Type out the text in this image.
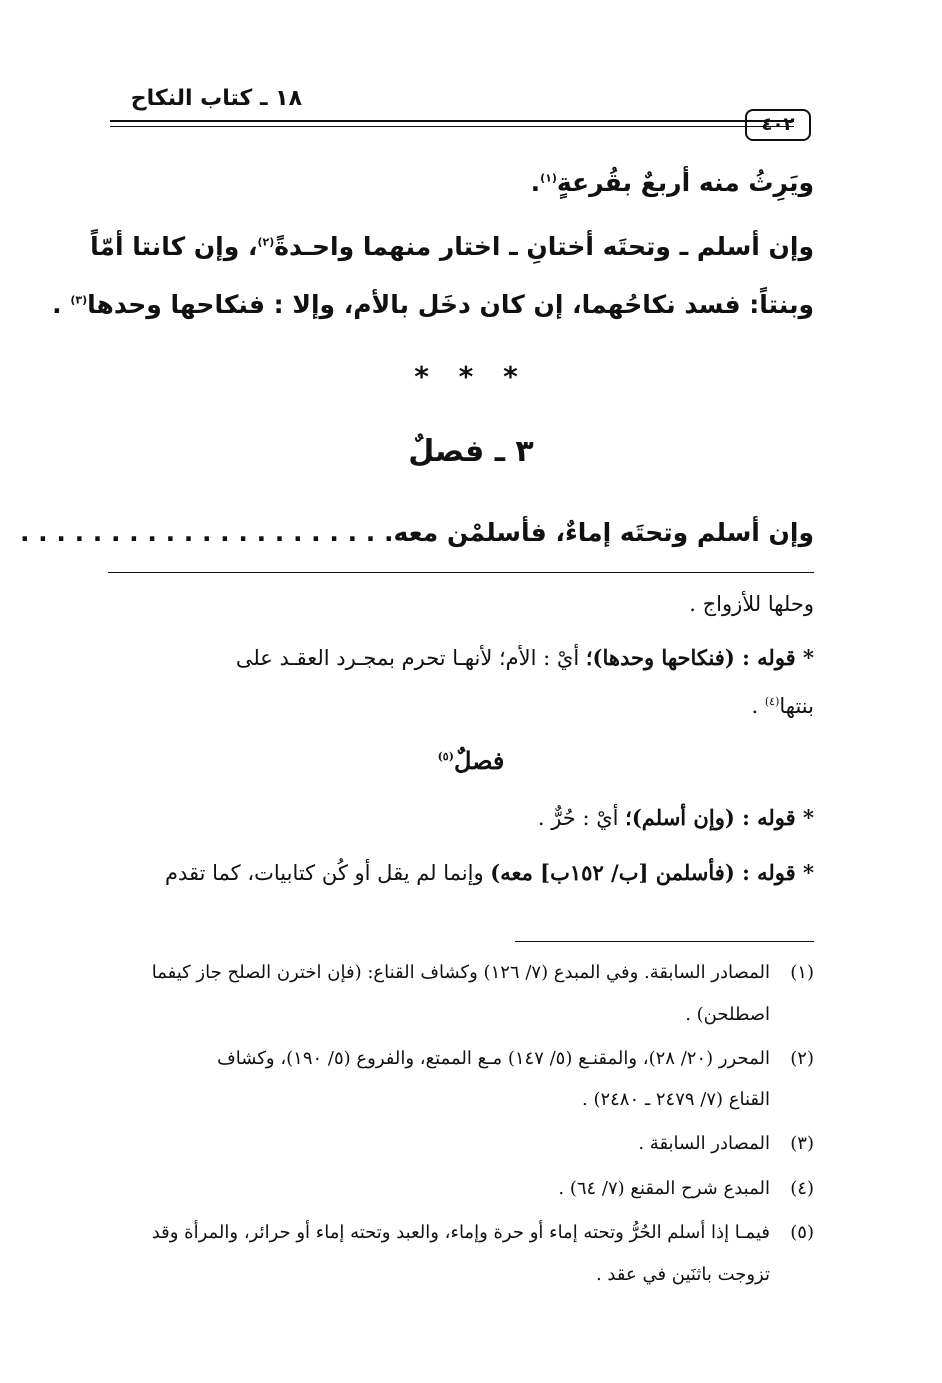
١٨ ـ كتاب النكاح
٤٠٢
ويَرِثُ منه أربعٌ بقُرعةٍ$^{(١)}$.
وإن أسلم ـ وتحتَه أختانِ ـ اختار منهما واحـدةً$^{(٢)}$، وإن كانتا أمّاً
وبنتاً: فسد نكاحُهما، إن كان دخَل بالأم، وإلا : فنكاحها وحدها$^{(٣)}$ .
* * *
٣ ـ فصلٌ
وإن أسلم وتحتَه إماءٌ، فأسلمْن معه. . . . . . . . . . . . . . . . . . . . .
وحلها للأزواج .
* قوله : (فنكاحها وحدها)؛ أيْ : الأم؛ لأنهـا تحرم بمجـرد العقـد على
بنتها$^{(٤)}$ .
فصلٌ$^{(٥)}$
* قوله : (وإن أسلم)؛ أيْ : حُرٌّ .
* قوله : (فأسلمن [ب/ ١٥٢ب] معه) وإنما لم يقل أو كُن كتابيات، كما تقدم
(١)المصادر السابقة. وفي المبدع (٧/ ١٢٦) وكشاف القناع: (فإن اخترن الصلح جاز كيفما
اصطلحن) .
(٢)المحرر (٢٠/ ٢٨)، والمقنـع (٥/ ١٤٧) مـع الممتع، والفروع (٥/ ١٩٠)، وكشاف
القناع (٧/ ٢٤٧٩ ـ ٢٤٨٠) .
(٣)المصادر السابقة .
(٤)المبدع شرح المقنع (٧/ ٦٤) .
(٥)فيمـا إذا أسلم الحُرُّ وتحته إماء أو حرة وإماء، والعبد وتحته إماء أو حرائر، والمرأة وقد
تزوجت باثنَين في عقد .
